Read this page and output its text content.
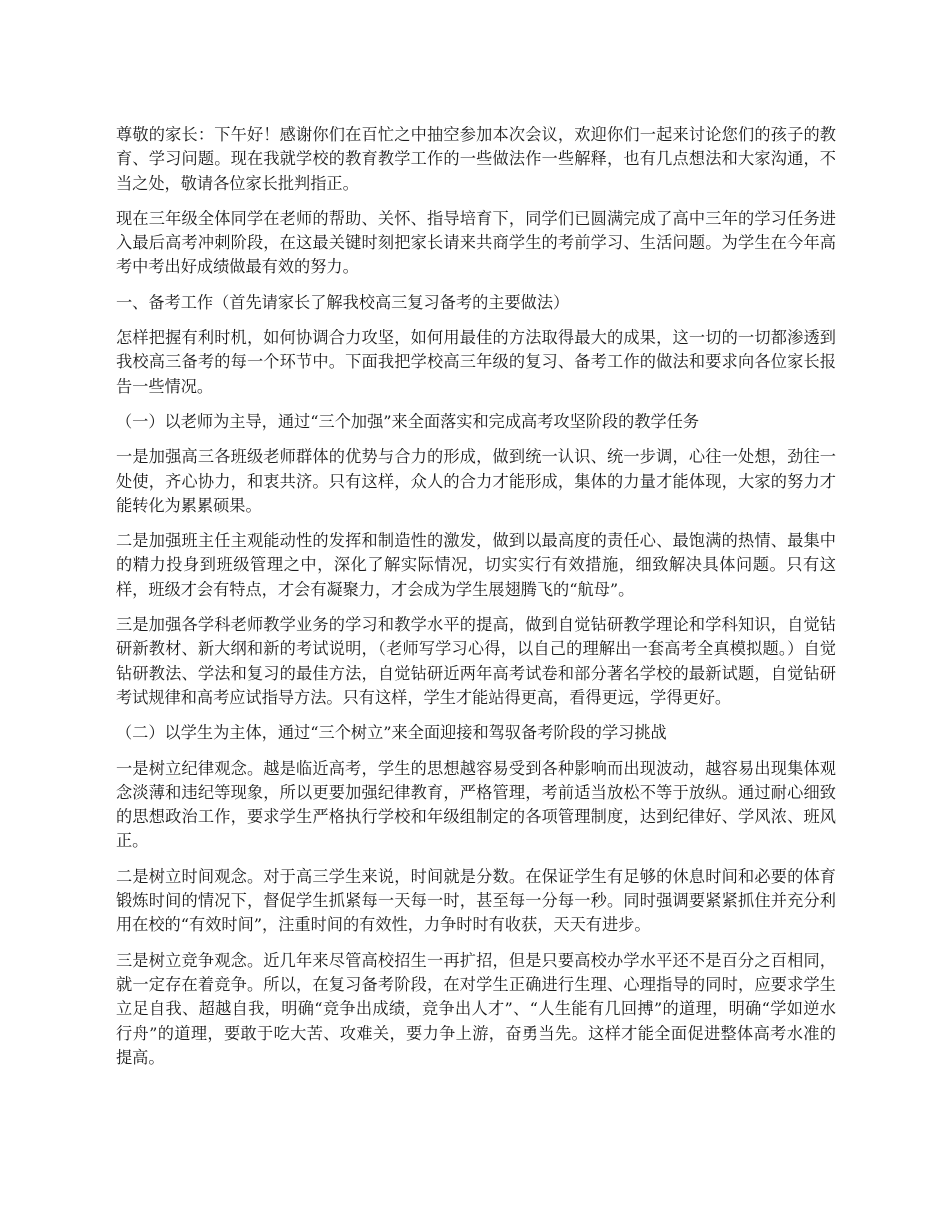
尊敬的家长：下午好！感谢你们在百忙之中抽空参加本次会议，欢迎你们一起来讨论您们的孩子的教育、学习问题。现在我就学校的教育教学工作的一些做法作一些解释，也有几点想法和大家沟通，不当之处，敬请各位家长批判指正。

现在三年级全体同学在老师的帮助、关怀、指导培育下，同学们已圆满完成了高中三年的学习任务进入最后高考冲刺阶段，在这最关键时刻把家长请来共商学生的考前学习、生活问题。为学生在今年高考中考出好成绩做最有效的努力。

一、备考工作（首先请家长了解我校高三复习备考的主要做法）

怎样把握有利时机，如何协调合力攻坚，如何用最佳的方法取得最大的成果，这一切的一切都渗透到我校高三备考的每一个环节中。下面我把学校高三年级的复习、备考工作的做法和要求向各位家长报告一些情况。

（一）以老师为主导，通过“三个加强”来全面落实和完成高考攻坚阶段的教学任务

一是加强高三各班级老师群体的优势与合力的形成，做到统一认识、统一步调，心往一处想，劲往一处使，齐心协力，和衷共济。只有这样，众人的合力才能形成，集体的力量才能体现，大家的努力才能转化为累累硕果。

二是加强班主任主观能动性的发挥和制造性的激发，做到以最高度的责任心、最饱满的热情、最集中的精力投身到班级管理之中，深化了解实际情况，切实实行有效措施，细致解决具体问题。只有这样，班级才会有特点，才会有凝聚力，才会成为学生展翅腾飞的“航母”。

三是加强各学科老师教学业务的学习和教学水平的提高，做到自觉钻研教学理论和学科知识，自觉钻研新教材、新大纲和新的考试说明，（老师写学习心得，以自己的理解出一套高考全真模拟题。）自觉钻研教法、学法和复习的最佳方法，自觉钻研近两年高考试卷和部分著名学校的最新试题，自觉钻研考试规律和高考应试指导方法。只有这样，学生才能站得更高，看得更远，学得更好。

（二）以学生为主体，通过“三个树立”来全面迎接和驾驭备考阶段的学习挑战

一是树立纪律观念。越是临近高考，学生的思想越容易受到各种影响而出现波动，越容易出现集体观念淡薄和违纪等现象，所以更要加强纪律教育，严格管理，考前适当放松不等于放纵。通过耐心细致的思想政治工作，要求学生严格执行学校和年级组制定的各项管理制度，达到纪律好、学风浓、班风正。

二是树立时间观念。对于高三学生来说，时间就是分数。在保证学生有足够的休息时间和必要的体育锻炼时间的情况下，督促学生抓紧每一天每一时，甚至每一分每一秒。同时强调要紧紧抓住并充分利用在校的“有效时间”，注重时间的有效性，力争时时有收获，天天有进步。

三是树立竞争观念。近几年来尽管高校招生一再扩招，但是只要高校办学水平还不是百分之百相同，就一定存在着竞争。所以，在复习备考阶段，在对学生正确进行生理、心理指导的同时，应要求学生立足自我、超越自我，明确“竞争出成绩，竞争出人才”、“人生能有几回搏”的道理，明确“学如逆水行舟”的道理，要敢于吃大苦、攻难关，要力争上游，奋勇当先。这样才能全面促进整体高考水准的提高。
